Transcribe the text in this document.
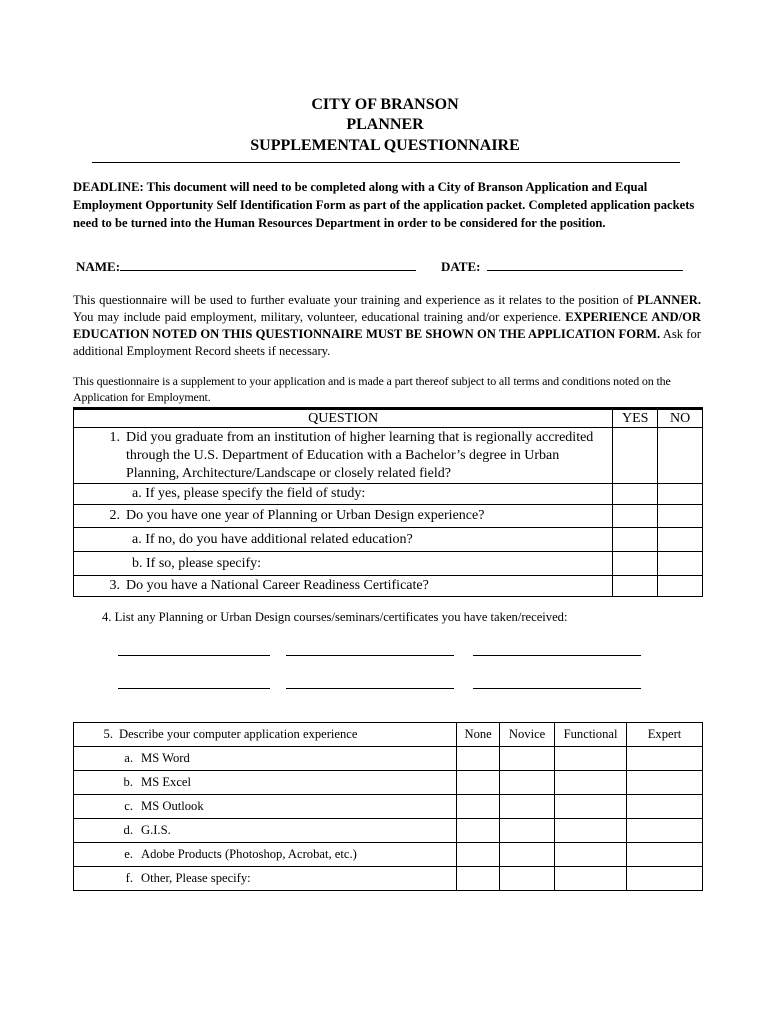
CITY OF BRANSON
PLANNER
SUPPLEMENTAL QUESTIONNAIRE
DEADLINE: This document will need to be completed along with a City of Branson Application and Equal Employment Opportunity Self Identification Form as part of the application packet. Completed application packets need to be turned into the Human Resources Department in order to be considered for the position.
NAME:	DATE:
This questionnaire will be used to further evaluate your training and experience as it relates to the position of PLANNER. You may include paid employment, military, volunteer, educational training and/or experience. EXPERIENCE AND/OR EDUCATION NOTED ON THIS QUESTIONNAIRE MUST BE SHOWN ON THE APPLICATION FORM. Ask for additional Employment Record sheets if necessary.
This questionnaire is a supplement to your application and is made a part thereof subject to all terms and conditions noted on the Application for Employment.
QUESTION	YES	NO
1. Did you graduate from an institution of higher learning that is regionally accredited through the U.S. Department of Education with a Bachelor’s degree in Urban Planning, Architecture/Landscape or closely related field?		
a. If yes, please specify the field of study:		
2. Do you have one year of Planning or Urban Design experience?		
a. If no, do you have additional related education?		
b. If so, please specify:		
3. Do you have a National Career Readiness Certificate?		
4. List any Planning or Urban Design courses/seminars/certificates you have taken/received:
5. Describe your computer application experience	None	Novice	Functional	Expert
a. MS Word				
b. MS Excel				
c. MS Outlook				
d. G.I.S.				
e. Adobe Products (Photoshop, Acrobat, etc.)				
f. Other, Please specify:				
